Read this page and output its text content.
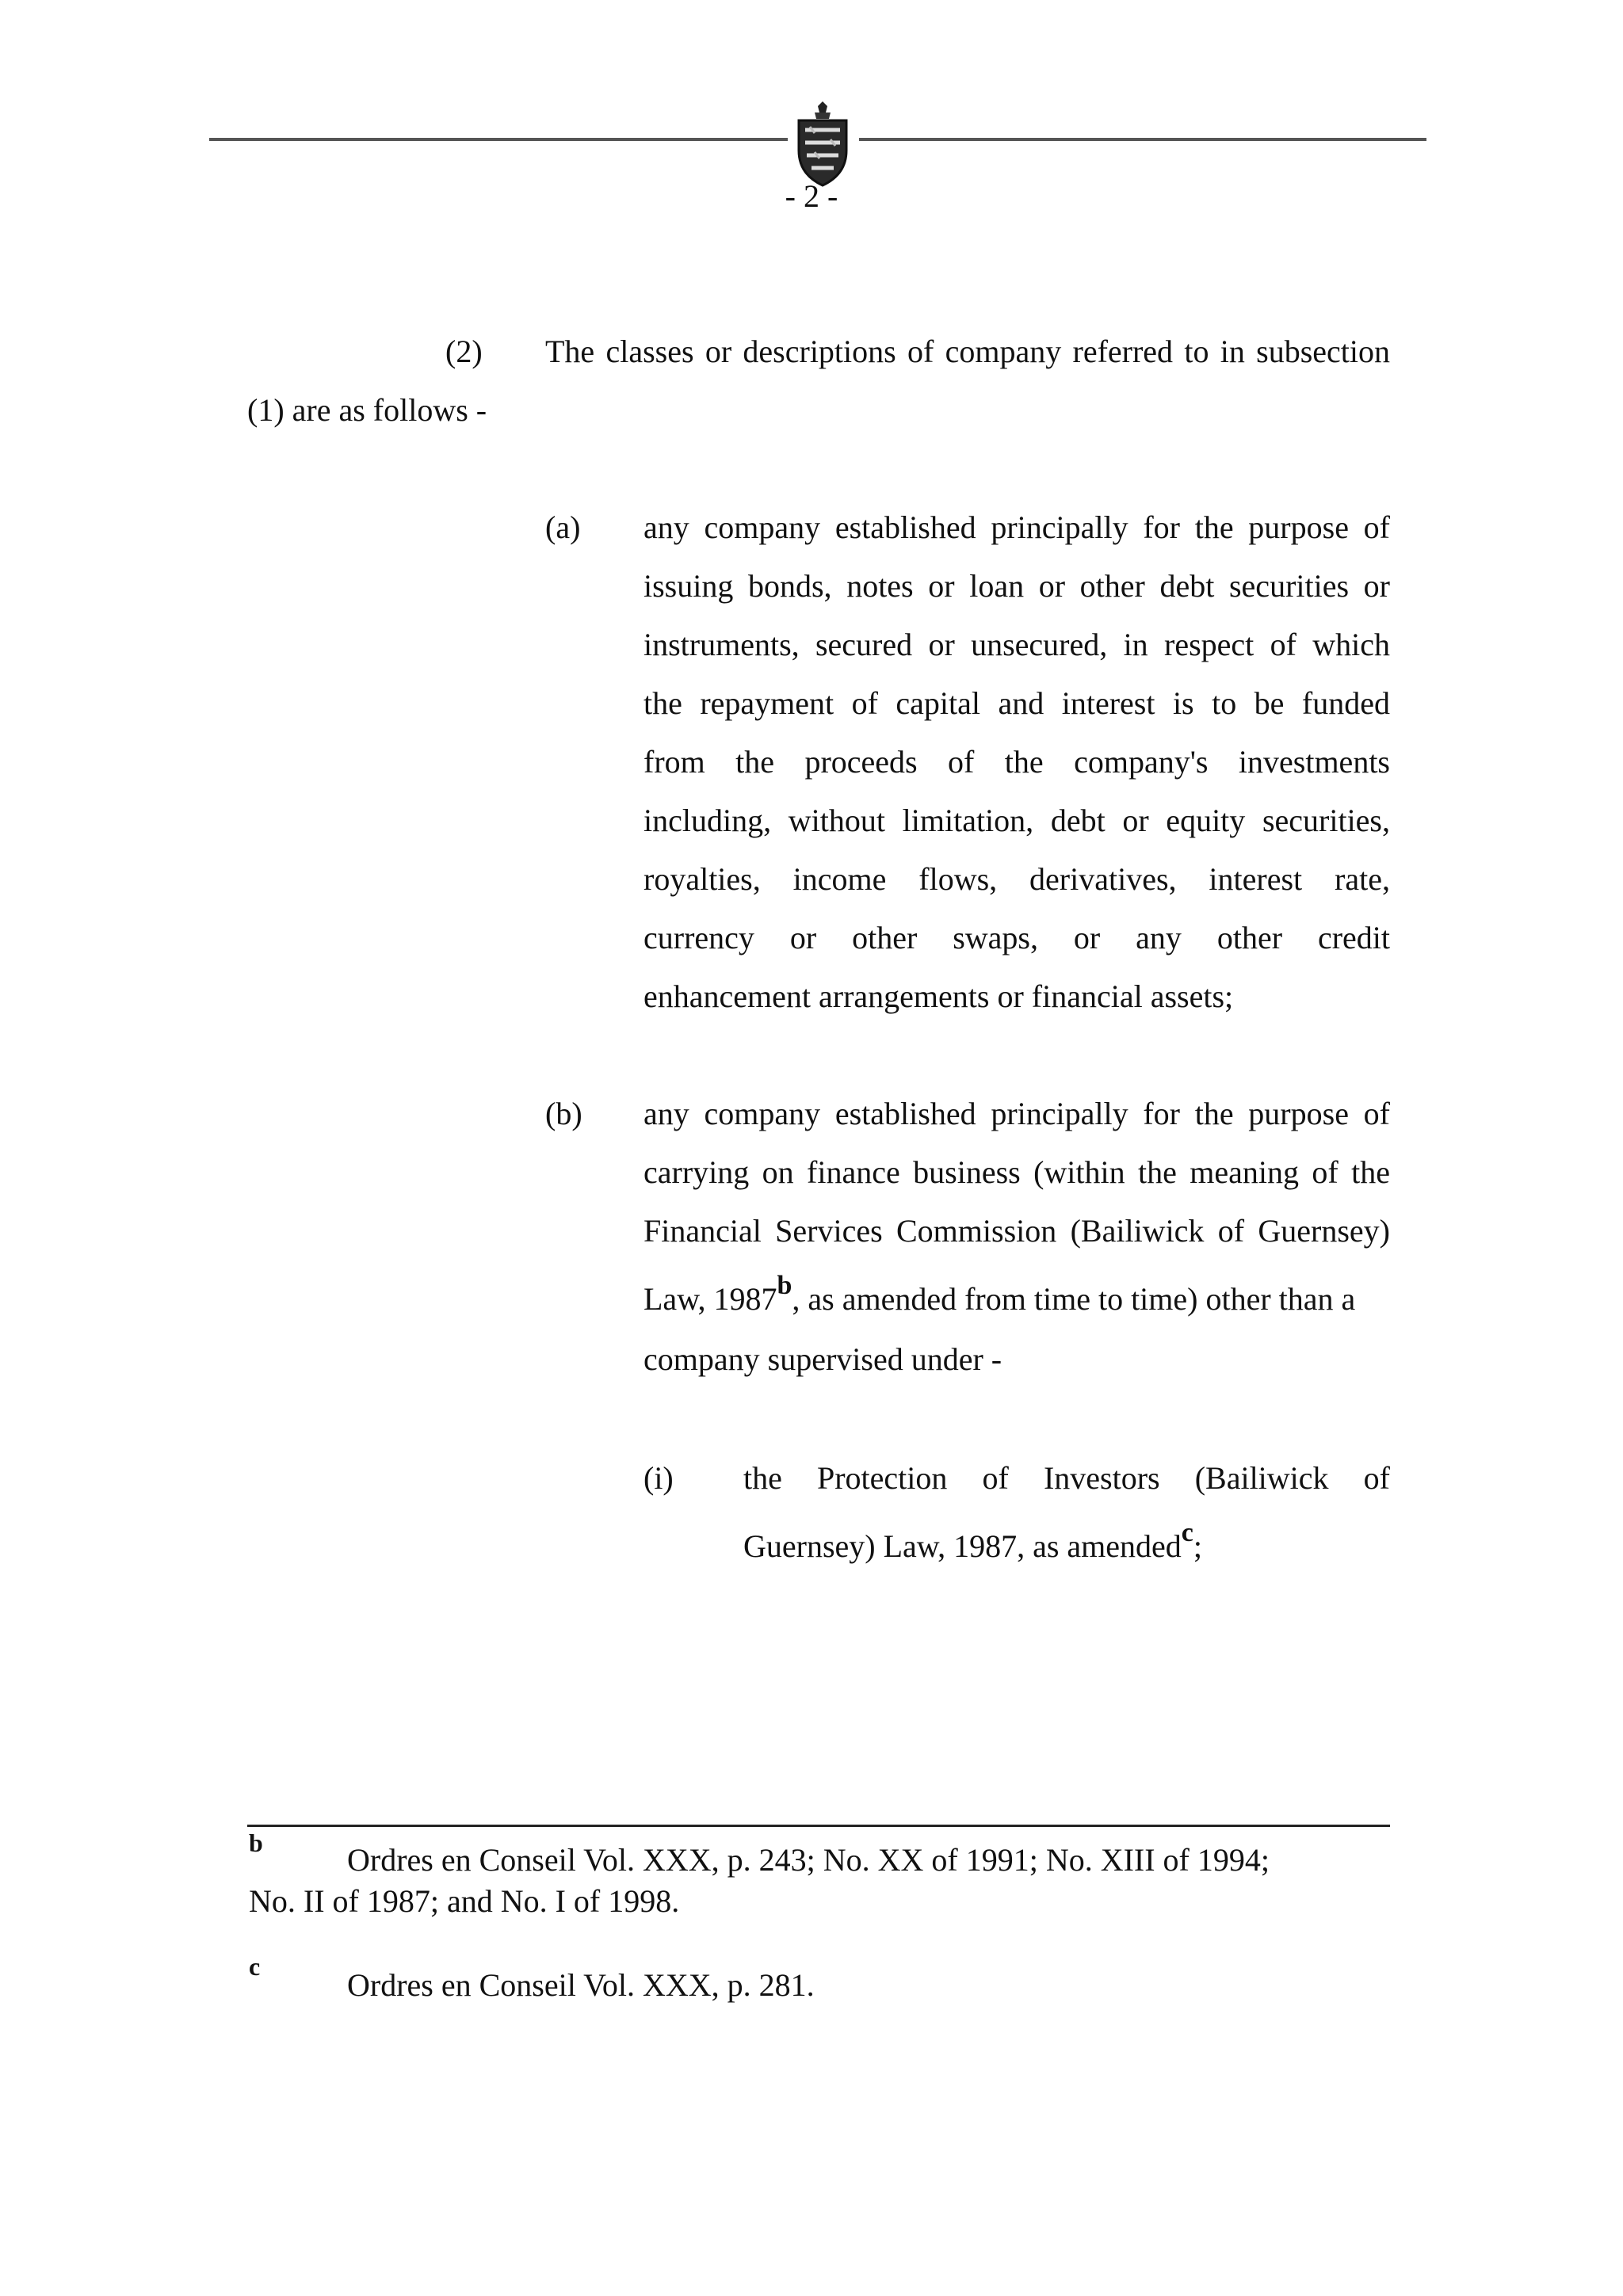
- 2 -
(2) The classes or descriptions of company referred to in subsection
(1) are as follows -
(a) any company established principally for the purpose of
issuing bonds, notes or loan or other debt securities or
instruments, secured or unsecured, in respect of which
the repayment of capital and interest is to be funded
from the proceeds of the company's investments
including, without limitation, debt or equity securities,
royalties, income flows, derivatives, interest rate,
currency or other swaps, or any other credit
enhancement arrangements or financial assets;
(b) any company established principally for the purpose of
carrying on finance business (within the meaning of the
Financial Services Commission (Bailiwick of Guernsey)
Law, 1987$^b$, as amended from time to time) other than a
company supervised under -
(i) the Protection of Investors (Bailiwick of
Guernsey) Law, 1987, as amended$^c$;
b	Ordres en Conseil Vol. XXX, p. 243; No. XX of 1991; No. XIII of 1994;
No. II of 1987; and No. I of 1998.
c
Ordres en Conseil Vol. XXX, p. 281.
